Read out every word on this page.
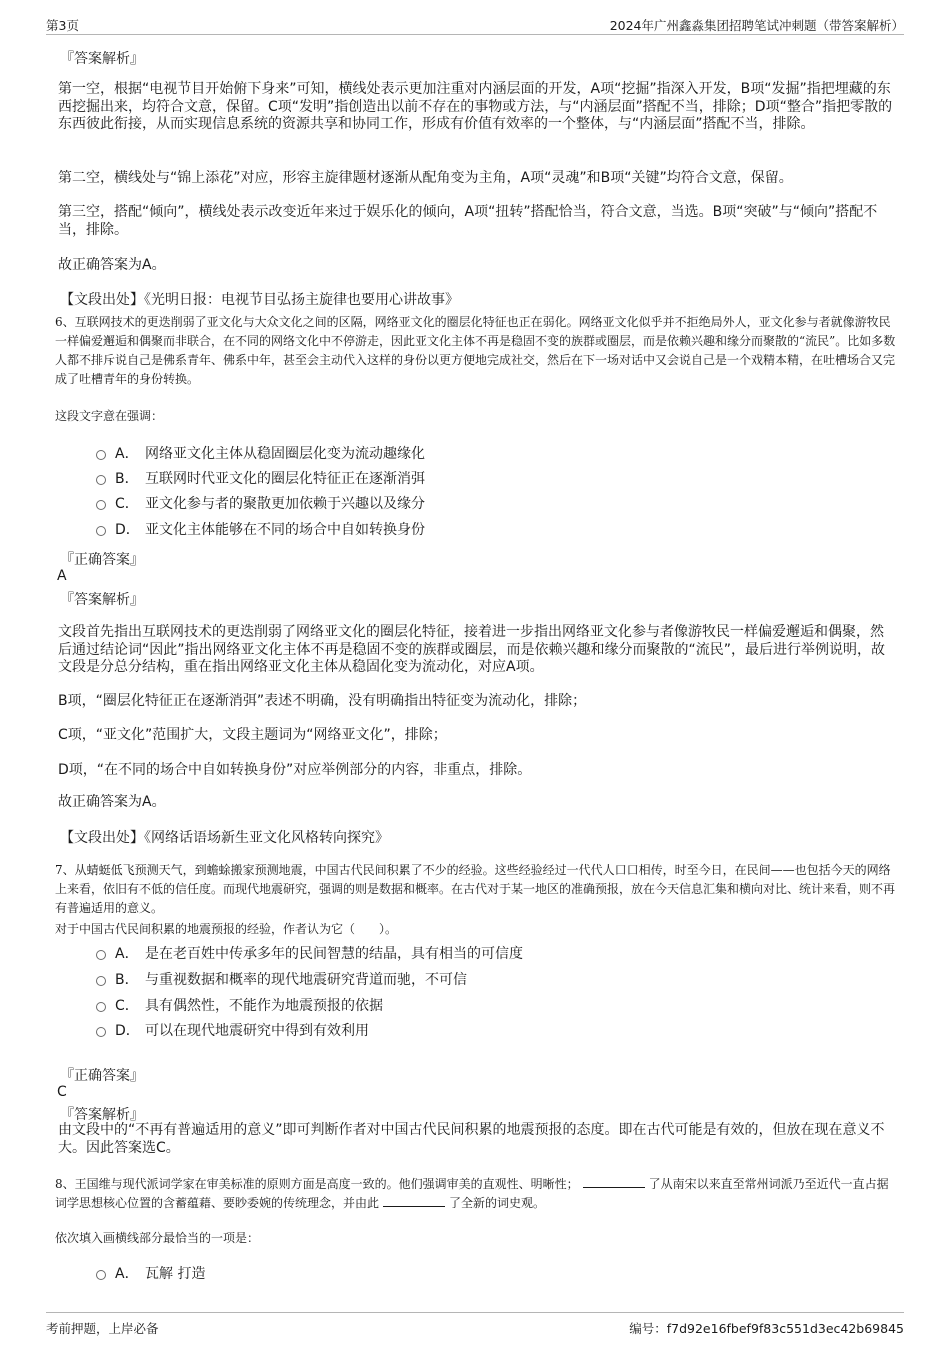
第3页	2024年广州鑫淼集团招聘笔试冲刺题（带答案解析）

『答案解析』

第一空，根据“电视节目开始俯下身来”可知，横线处表示更加注重对内涵层面的开发，A项“挖掘”指深入开发，B项“发掘”指把埋藏的东西挖掘出来，均符合文意，保留。C项“发明”指创造出以前不存在的事物或方法，与“内涵层面”搭配不当，排除；D项“整合”指把零散的东西彼此衔接，从而实现信息系统的资源共享和协同工作，形成有价值有效率的一个整体，与“内涵层面”搭配不当，排除。

第二空，横线处与“锦上添花”对应，形容主旋律题材逐渐从配角变为主角，A项“灵魂”和B项“关键”均符合文意，保留。

第三空，搭配“倾向”，横线处表示改变近年来过于娱乐化的倾向，A项“扭转”搭配恰当，符合文意，当选。B项“突破”与“倾向”搭配不当，排除。

故正确答案为A。

【文段出处】《光明日报：电视节目弘扬主旋律也要用心讲故事》

6、互联网技术的更迭削弱了亚文化与大众文化之间的区隔，网络亚文化的圈层化特征也正在弱化。网络亚文化似乎并不拒绝局外人，亚文化参与者就像游牧民一样偏爱邂逅和偶聚而非联合，在不同的网络文化中不停游走，因此亚文化主体不再是稳固不变的族群或圈层，而是依赖兴趣和缘分而聚散的“流民”。比如多数人都不排斥说自己是佛系青年、佛系中年，甚至会主动代入这样的身份以更方便地完成社交，然后在下一场对话中又会说自己是一个戏精本精，在吐槽场合又完成了吐槽青年的身份转换。

这段文字意在强调：

A． 网络亚文化主体从稳固圈层化变为流动趣缘化
B． 互联网时代亚文化的圈层化特征正在逐渐消弭
C． 亚文化参与者的聚散更加依赖于兴趣以及缘分
D． 亚文化主体能够在不同的场合中自如转换身份

『正确答案』

A

『答案解析』

文段首先指出互联网技术的更迭削弱了网络亚文化的圈层化特征，接着进一步指出网络亚文化参与者像游牧民一样偏爱邂逅和偶聚，然后通过结论词“因此”指出网络亚文化主体不再是稳固不变的族群或圈层，而是依赖兴趣和缘分而聚散的“流民”，最后进行举例说明，故文段是分总分结构，重在指出网络亚文化主体从稳固化变为流动化，对应A项。

B项，“圈层化特征正在逐渐消弭”表述不明确，没有明确指出特征变为流动化，排除；

C项，“亚文化”范围扩大，文段主题词为“网络亚文化”，排除；

D项，“在不同的场合中自如转换身份”对应举例部分的内容，非重点，排除。

故正确答案为A。

【文段出处】《网络话语场新生亚文化风格转向探究》

7、从蜻蜓低飞预测天气，到蟾蜍搬家预测地震，中国古代民间积累了不少的经验。这些经验经过一代代人口口相传，时至今日，在民间——也包括今天的网络上来看，依旧有不低的信任度。而现代地震研究，强调的则是数据和概率。在古代对于某一地区的准确预报，放在今天信息汇集和横向对比、统计来看，则不再有普遍适用的意义。

对于中国古代民间积累的地震预报的经验，作者认为它（　　）。

A． 是在老百姓中传承多年的民间智慧的结晶，具有相当的可信度
B． 与重视数据和概率的现代地震研究背道而驰，不可信
C． 具有偶然性，不能作为地震预报的依据
D． 可以在现代地震研究中得到有效利用

『正确答案』

C

『答案解析』

由文段中的“不再有普遍适用的意义”即可判断作者对中国古代民间积累的地震预报的态度。即在古代可能是有效的，但放在现在意义不大。因此答案选C。

8、王国维与现代派词学家在审美标准的原则方面是高度一致的。他们强调审美的直观性、明晰性；	了从南宋以来直至常州词派乃至近代一直占据词学思想核心位置的含蓄蕴藉、要眇委婉的传统理念，并由此	了全新的词史观。

依次填入画横线部分最恰当的一项是：

A． 瓦解 打造
考前押题，上岸必备	编号：f7d92e16fbef9f83c551d3ec42b69845
